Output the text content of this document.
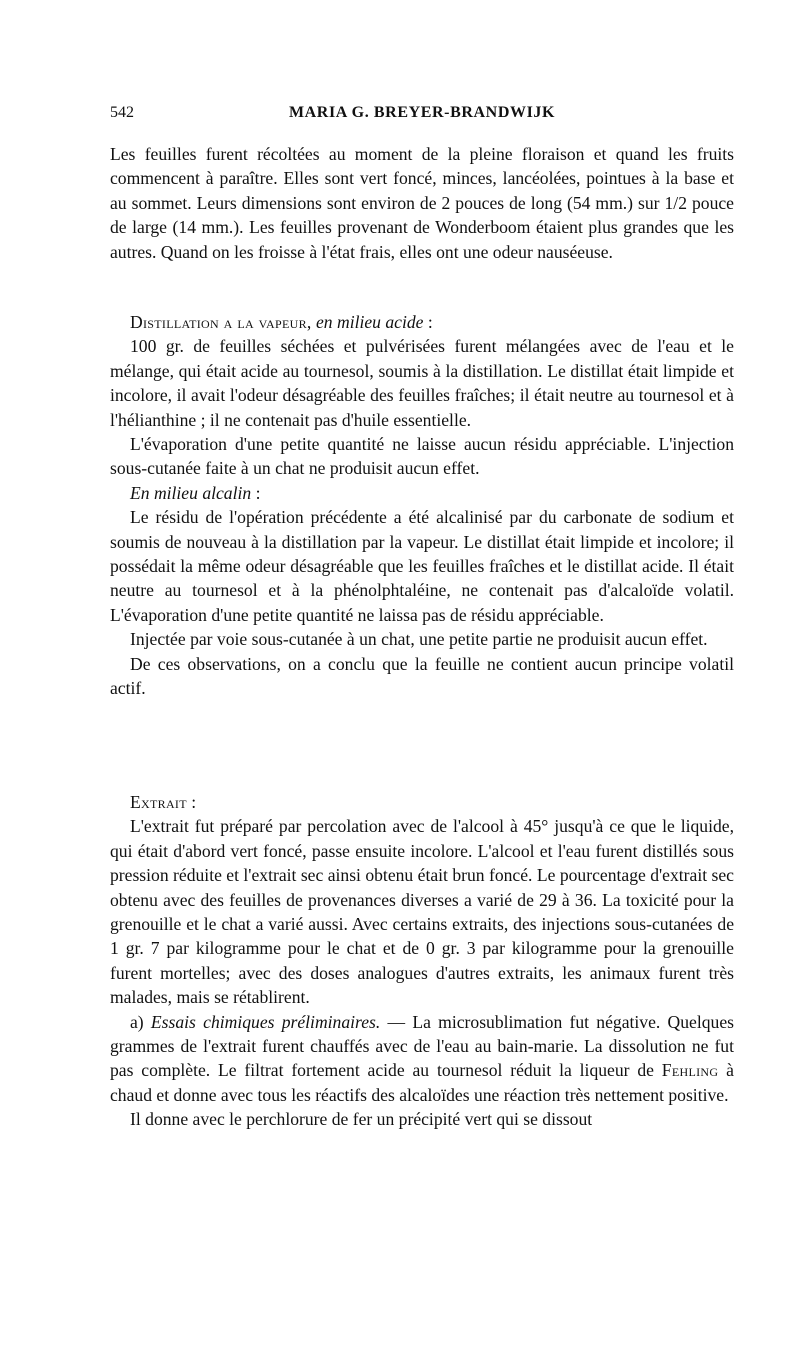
542	MARIA G. BREYER-BRANDWIJK

Les feuilles furent récoltées au moment de la pleine floraison et quand les fruits commencent à paraître. Elles sont vert foncé, minces, lancéolées, pointues à la base et au sommet. Leurs dimensions sont environ de 2 pouces de long (54 mm.) sur 1/2 pouce de large (14 mm.). Les feuilles provenant de Wonderboom étaient plus grandes que les autres. Quand on les froisse à l'état frais, elles ont une odeur nauséeuse.

Distillation a la vapeur, en milieu acide :

100 gr. de feuilles séchées et pulvérisées furent mélangées avec de l'eau et le mélange, qui était acide au tournesol, soumis à la distillation. Le distillat était limpide et incolore, il avait l'odeur désagréable des feuilles fraîches; il était neutre au tournesol et à l'hélianthine ; il ne contenait pas d'huile essentielle.

L'évaporation d'une petite quantité ne laisse aucun résidu appréciable. L'injection sous-cutanée faite à un chat ne produisit aucun effet.

En milieu alcalin :

Le résidu de l'opération précédente a été alcalinisé par du carbonate de sodium et soumis de nouveau à la distillation par la vapeur. Le distillat était limpide et incolore; il possédait la même odeur désagréable que les feuilles fraîches et le distillat acide. Il était neutre au tournesol et à la phénolphtaléine, ne contenait pas d'alcaloïde volatil. L'évaporation d'une petite quantité ne laissa pas de résidu appréciable.

Injectée par voie sous-cutanée à un chat, une petite partie ne produisit aucun effet.

De ces observations, on a conclu que la feuille ne contient aucun principe volatil actif.

Extrait :

L'extrait fut préparé par percolation avec de l'alcool à 45° jusqu'à ce que le liquide, qui était d'abord vert foncé, passe ensuite incolore. L'alcool et l'eau furent distillés sous pression réduite et l'extrait sec ainsi obtenu était brun foncé. Le pourcentage d'extrait sec obtenu avec des feuilles de provenances diverses a varié de 29 à 36. La toxicité pour la grenouille et le chat a varié aussi. Avec certains extraits, des injections sous-cutanées de 1 gr. 7 par kilogramme pour le chat et de 0 gr. 3 par kilogramme pour la grenouille furent mortelles; avec des doses analogues d'autres extraits, les animaux furent très malades, mais se rétablirent.

a) Essais chimiques préliminaires. — La microsublimation fut négative. Quelques grammes de l'extrait furent chauffés avec de l'eau au bain-marie. La dissolution ne fut pas complète. Le filtrat fortement acide au tournesol réduit la liqueur de Fehling à chaud et donne avec tous les réactifs des alcaloïdes une réaction très nettement positive.

Il donne avec le perchlorure de fer un précipité vert qui se dissout
